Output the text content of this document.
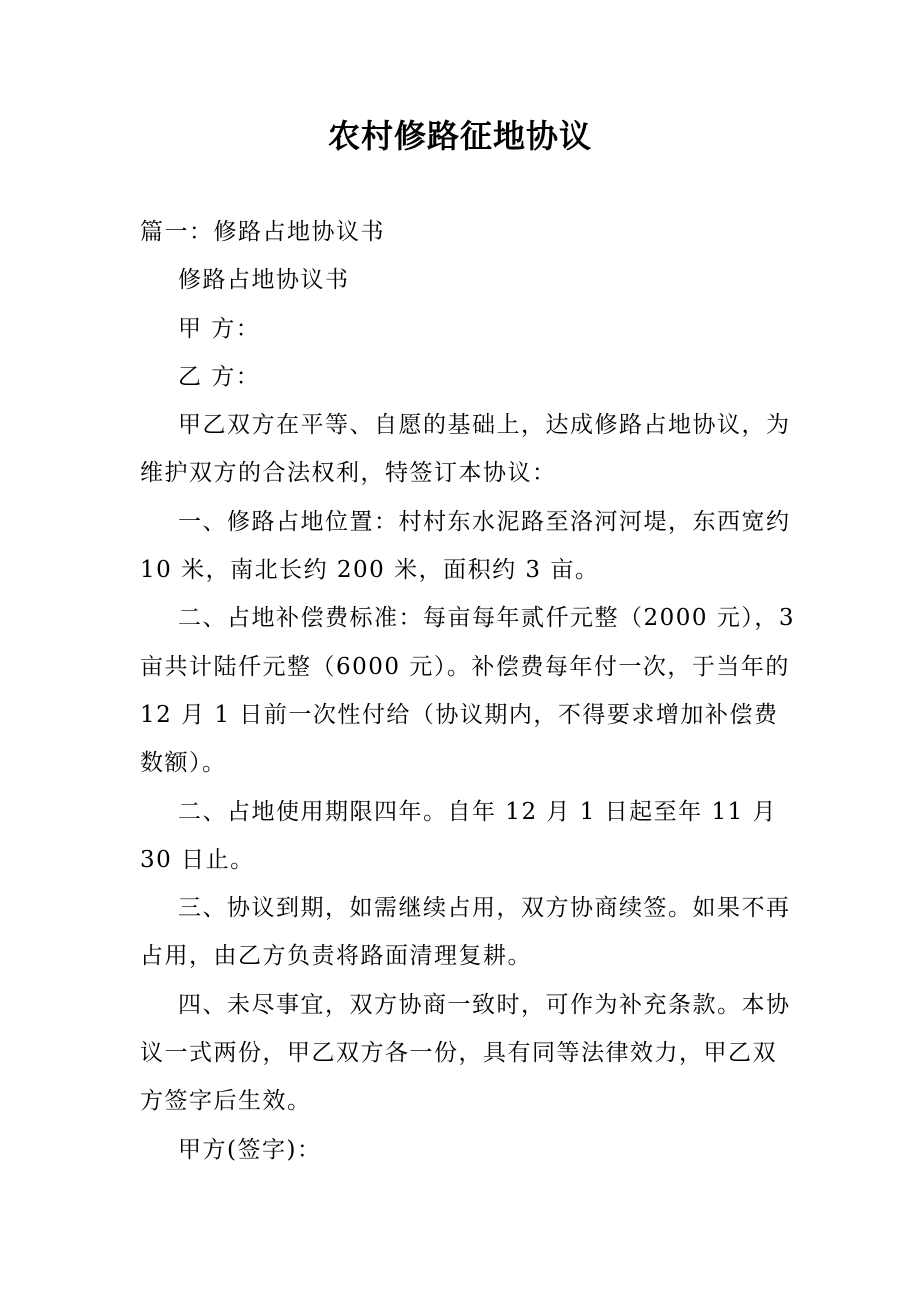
农村修路征地协议

篇一：修路占地协议书

修路占地协议书

甲 方：

乙 方：

甲乙双方在平等、自愿的基础上，达成修路占地协议，为维护双方的合法权利，特签订本协议：

一、修路占地位置：村村东水泥路至洛河河堤，东西宽约 10 米，南北长约 200 米，面积约 3 亩。

二、占地补偿费标准：每亩每年贰仟元整（2000 元），3 亩共计陆仟元整（6000 元）。补偿费每年付一次，于当年的 12 月 1 日前一次性付给（协议期内，不得要求增加补偿费数额）。

二、占地使用期限四年。自年 12 月 1 日起至年 11 月　30 日止。

三、协议到期，如需继续占用，双方协商续签。如果不再占用，由乙方负责将路面清理复耕。

四、未尽事宜，双方协商一致时，可作为补充条款。本协议一式两份，甲乙双方各一份，具有同等法律效力，甲乙双方签字后生效。

甲方(签字)：
